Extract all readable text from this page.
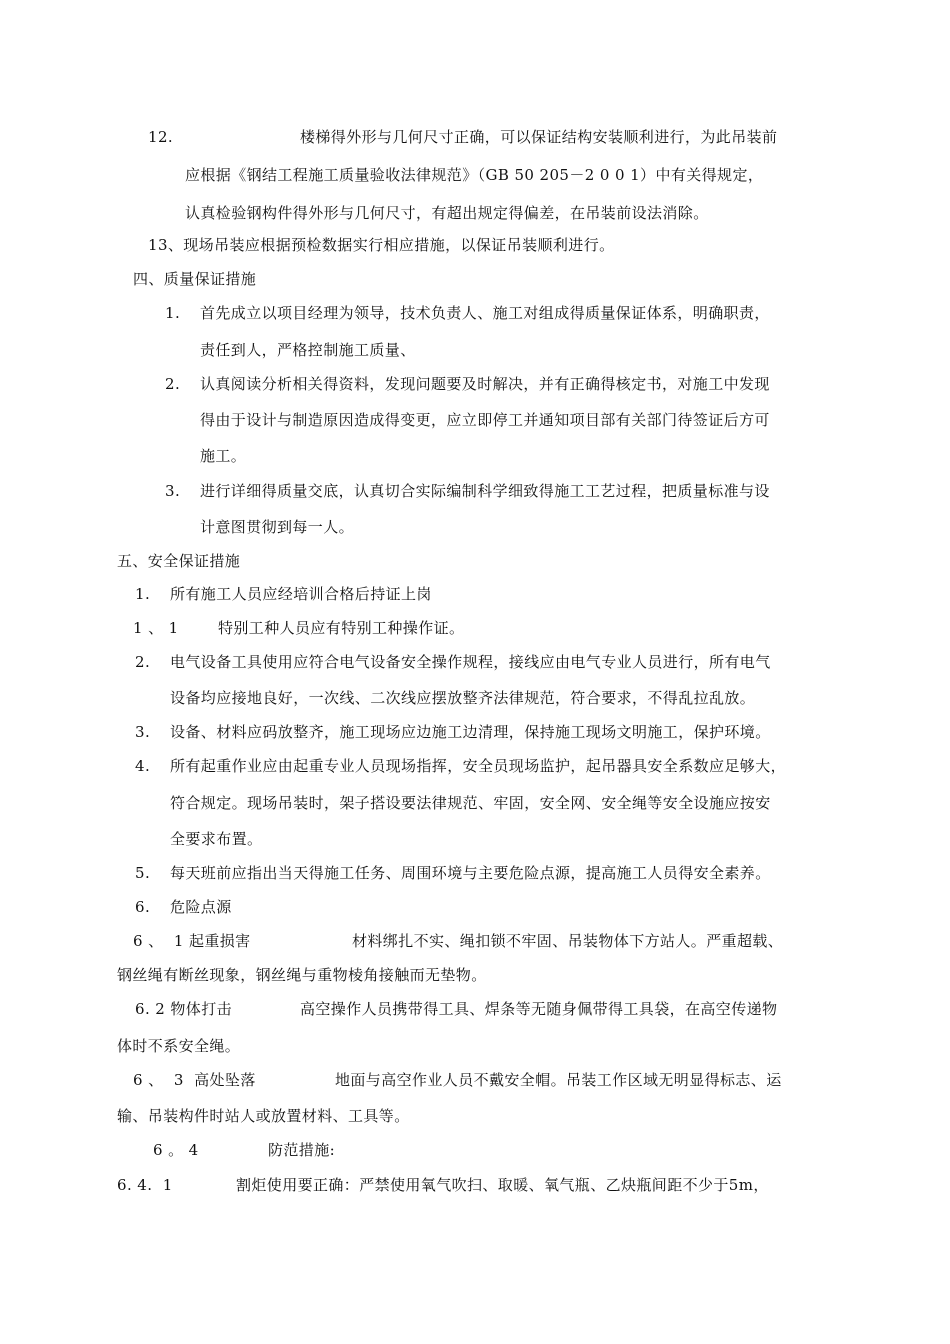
12.	楼梯得外形与几何尺寸正确，可以保证结构安装顺利进行，为此吊装前
应根据《钢结工程施工质量验收法律规范》（GB 50 205－2 0 0 1）中有关得规定，
认真检验钢构件得外形与几何尺寸，有超出规定得偏差，在吊装前设法消除。
13、现场吊装应根据预检数据实行相应措施，以保证吊装顺利进行。
四、质量保证措施
1. 首先成立以项目经理为领导，技术负责人、施工对组成得质量保证体系，明确职责，
责任到人，严格控制施工质量、
2. 认真阅读分析相关得资料，发现问题要及时解决，并有正确得核定书，对施工中发现
得由于设计与制造原因造成得变更，应立即停工并通知项目部有关部门待签证后方可
施工。
3. 进行详细得质量交底，认真切合实际编制科学细致得施工工艺过程，把质量标准与设
计意图贯彻到每一人。
五、安全保证措施
1. 所有施工人员应经培训合格后持证上岗
1 、 1	特别工种人员应有特别工种操作证。
2. 电气设备工具使用应符合电气设备安全操作规程，接线应由电气专业人员进行，所有电气
设备均应接地良好，一次线、二次线应摆放整齐法律规范，符合要求，不得乱拉乱放。
3. 设备、材料应码放整齐，施工现场应边施工边清理，保持施工现场文明施工，保护环境。
4. 所有起重作业应由起重专业人员现场指挥，安全员现场监护，起吊器具安全系数应足够大，
符合规定。现场吊装时，架子搭设要法律规范、牢固，安全网、安全绳等安全设施应按安
全要求布置。
5. 每天班前应指出当天得施工任务、周围环境与主要危险点源，提高施工人员得安全素养。
6. 危险点源
6 、  1 起重损害	材料绑扎不实、绳扣锁不牢固、吊装物体下方站人。严重超载、
钢丝绳有断丝现象，钢丝绳与重物棱角接触而无垫物。
6. 2 物体打击	高空操作人员携带得工具、焊条等无随身佩带得工具袋，在高空传递物
体时不系安全绳。
6 、  3  高处坠落	地面与高空作业人员不戴安全帽。吊装工作区域无明显得标志、运
输、吊装构件时站人或放置材料、工具等。
6 。 4	防范措施:
6. 4.  1	割炬使用要正确：严禁使用氧气吹扫、取暖、氧气瓶、乙炔瓶间距不少于5m，
